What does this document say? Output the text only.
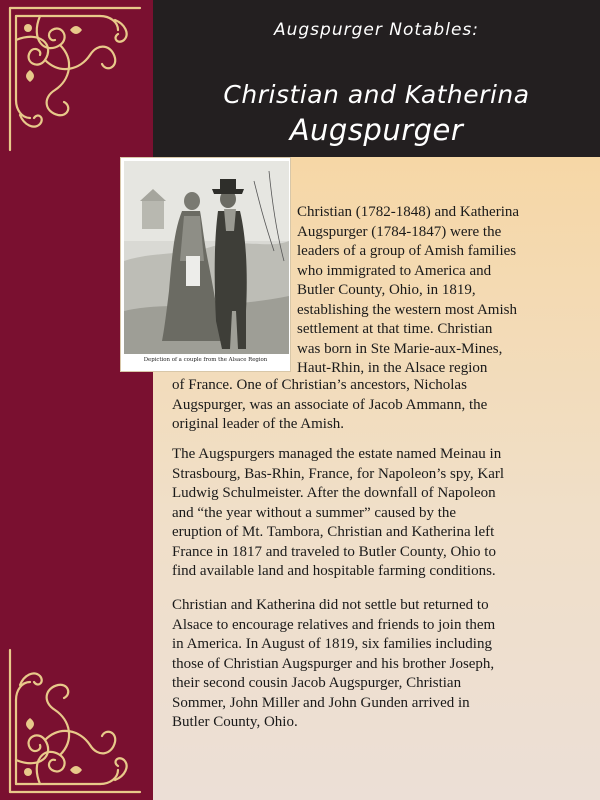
Augspurger Notables:
Christian and Katherina
Augspurger
Depiction of a couple from the Alsace Region
Christian (1782-1848) and Katherina
Augspurger (1784-1847) were the
leaders of a group of Amish families
who immigrated to America and
Butler County, Ohio, in 1819,
establishing the western most Amish
settlement at that time. Christian
was born in Ste Marie-aux-Mines,
Haut-Rhin, in the Alsace region
of France. One of Christian’s ancestors, Nicholas
Augspurger, was an associate of Jacob Ammann, the
original leader of the Amish.
The Augspurgers managed the estate named Meinau in
Strasbourg, Bas-Rhin, France, for Napoleon’s spy, Karl
Ludwig Schulmeister. After the downfall of Napoleon
and “the year without a summer” caused by the
eruption of Mt. Tambora, Christian and Katherina left
France in 1817 and traveled to Butler County, Ohio to
find available land and hospitable farming conditions.
Christian and Katherina did not settle but returned to
Alsace to encourage relatives and friends to join them
in America. In August of 1819, six families including
those of Christian Augspurger and his brother Joseph,
their second cousin Jacob Augspurger, Christian
Sommer, John Miller and John Gunden arrived in
Butler County, Ohio.
